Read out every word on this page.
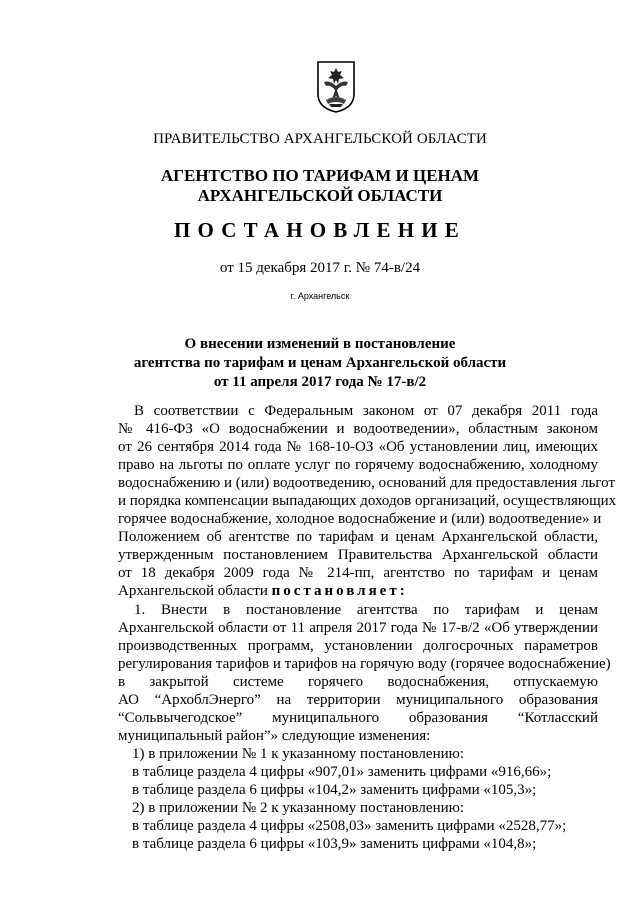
ПРАВИТЕЛЬСТВО АРХАНГЕЛЬСКОЙ ОБЛАСТИ
АГЕНТСТВО ПО ТАРИФАМ И ЦЕНАМ
АРХАНГЕЛЬСКОЙ ОБЛАСТИ
ПОСТАНОВЛЕНИЕ
от 15 декабря 2017 г. № 74-в/24
г. Архангельск
О внесении изменений в постановление
агентства по тарифам и ценам Архангельской области
от 11 апреля 2017 года № 17-в/2
В соответствии с Федеральным законом от 07 декабря 2011 года
№ 416-ФЗ «О водоснабжении и водоотведении», областным законом
от 26 сентября 2014 года № 168-10-ОЗ «Об установлении лиц, имеющих
право на льготы по оплате услуг по горячему водоснабжению, холодному
водоснабжению и (или) водоотведению, оснований для предоставления льгот
и порядка компенсации выпадающих доходов организаций, осуществляющих
горячее водоснабжение, холодное водоснабжение и (или) водоотведение» и
Положением об агентстве по тарифам и ценам Архангельской области,
утвержденным постановлением Правительства Архангельской области
от 18 декабря 2009 года № 214-пп, агентство по тарифам и ценам
Архангельской области постановляет:
1. Внести в постановление агентства по тарифам и ценам
Архангельской области от 11 апреля 2017 года № 17-в/2 «Об утверждении
производственных программ, установлении долгосрочных параметров
регулирования тарифов и тарифов на горячую воду (горячее водоснабжение)
в закрытой системе горячего водоснабжения, отпускаемую
АО “АрхоблЭнерго” на территории муниципального образования
“Сольвычегодское” муниципального образования “Котласский
муниципальный район”» следующие изменения:
1) в приложении № 1 к указанному постановлению:
в таблице раздела 4 цифры «907,01» заменить цифрами «916,66»;
в таблице раздела 6 цифры «104,2» заменить цифрами «105,3»;
2) в приложении № 2 к указанному постановлению:
в таблице раздела 4 цифры «2508,03» заменить цифрами «2528,77»;
в таблице раздела 6 цифры «103,9» заменить цифрами «104,8»;
